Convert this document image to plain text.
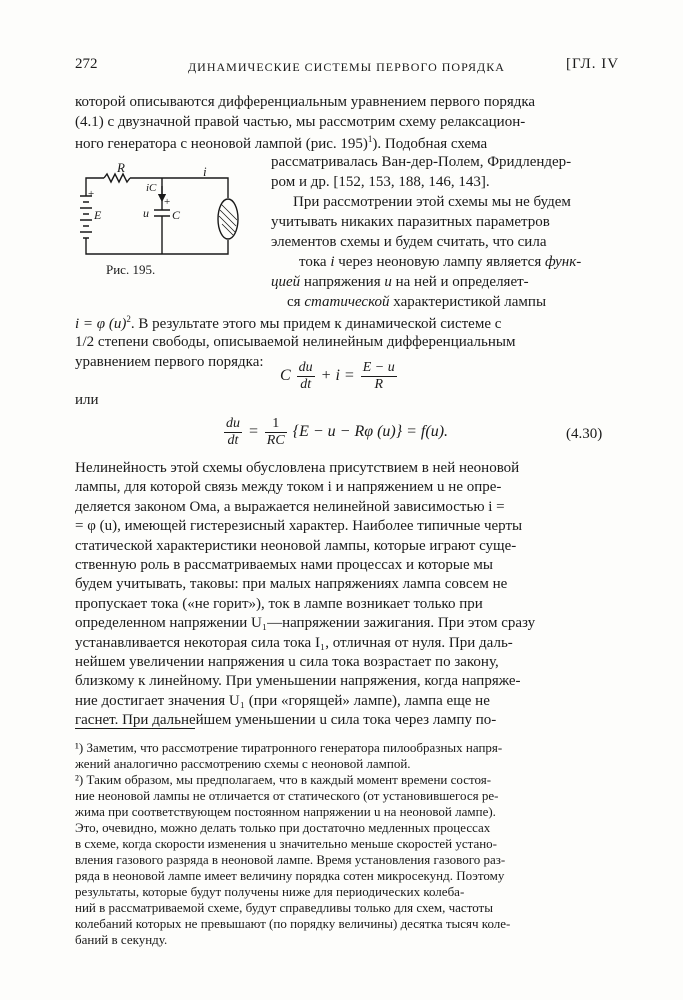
272	ДИНАМИЧЕСКИЕ СИСТЕМЫ ПЕРВОГО ПОРЯДКА	[ГЛ. IV
которой описываются дифференциальным уравнением первого порядка
(4.1) с двузначной правой частью, мы рассмотрим схему релаксацион-
ного генератора с неоновой лампой (рис. 195)$^1$). Подобная схема
рассматривалась Ван-дер-Полем, Фридлендер-
ром и др. [152, 153, 188, 146, 143].
R	i
iC
u C
E
+
+
Рис. 195.
При рассмотрении этой схемы мы не будем
учитывать никаких паразитных параметров
элементов схемы и будем считать, что сила
тока i через неоновую лампу является функ-
цией напряжения u на ней и определяет-
ся статической характеристикой лампы
i = φ $(u)^2$. В результате этого мы придем к динамической системе с
1/2 степени свободы, описываемой нелинейным дифференциальным
уравнением первого порядка:
C $\frac{du}{dt} + i = \frac{E - u}{R}$
или
$\frac{du}{dt} = \frac{1}{RC} \{E - u - R\varphi$ (u)} = f(u).	(4.30)
Нелинейность этой схемы обусловлена присутствием в ней неоновой
лампы, для которой связь между током i и напряжением u не опре-
деляется законом Ома, а выражается нелинейной зависимостью i =
= φ (u), имеющей гистерезисный характер. Наиболее типичные черты
статической характеристики неоновой лампы, которые играют суще-
ственную роль в рассматриваемых нами процессах и которые мы
будем учитывать, таковы: при малых напряжениях лампа совсем не
пропускает тока («не горит»), ток в лампе возникает только при
определенном напряжении U₁—напряжении зажигания. При этом сразу
устанавливается некоторая сила тока I₁, отличная от нуля. При даль-
нейшем увеличении напряжения u сила тока возрастает по закону,
близкому к линейному. При уменьшении напряжения, когда напряже-
ние достигает значения U₁ (при «горящей» лампе), лампа еще не
гаснет. При дальнейшем уменьшении u сила тока через лампу по-
¹) Заметим, что рассмотрение тиратронного генератора пилообразных напря-
жений аналогично рассмотрению схемы с неоновой лампой.
²) Таким образом, мы предполагаем, что в каждый момент времени состоя-
ние неоновой лампы не отличается от статического (от установившегося ре-
жима при соответствующем постоянном напряжении u на неоновой лампе).
Это, очевидно, можно делать только при достаточно медленных процессах
в схеме, когда скорости изменения u значительно меньше скоростей устано-
вления газового разряда в неоновой лампе. Время установления газового раз-
ряда в неоновой лампе имеет величину порядка сотен микросекунд. Поэтому
результаты, которые будут получены ниже для периодических колеба-
ний в рассматриваемой схеме, будут справедливы только для схем, частоты
колебаний которых не превышают (по порядку величины) десятка тысяч коле-
баний в секунду.
